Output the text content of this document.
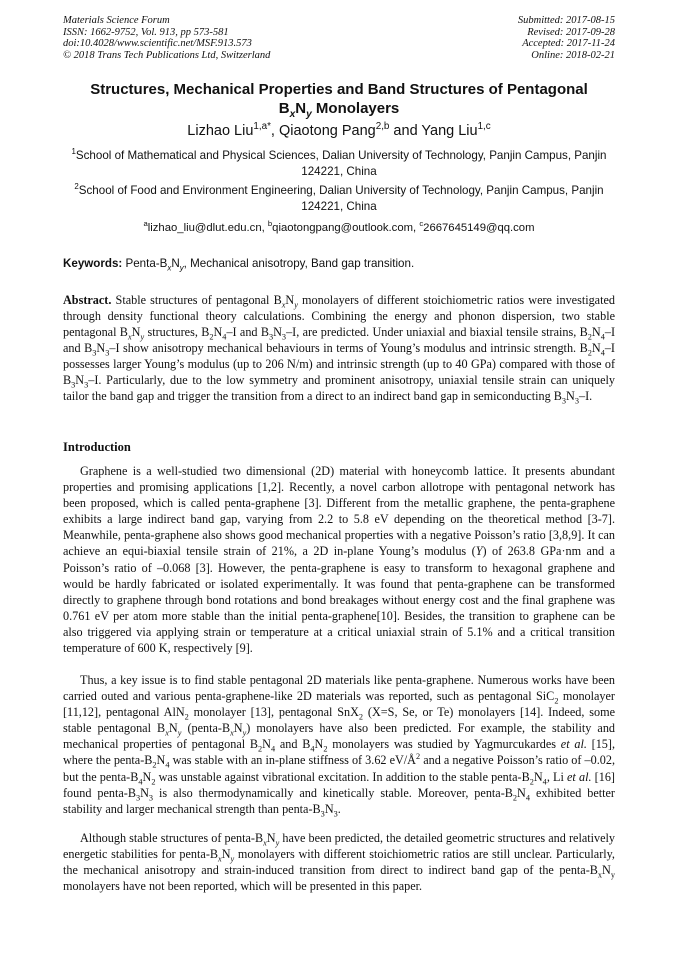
Materials Science Forum
ISSN: 1662-9752, Vol. 913, pp 573-581
doi:10.4028/www.scientific.net/MSF.913.573
© 2018 Trans Tech Publications Ltd, Switzerland
Submitted: 2017-08-15
Revised: 2017-09-28
Accepted: 2017-11-24
Online: 2018-02-21
Structures, Mechanical Properties and Band Structures of Pentagonal
$B_xN_y$ Monolayers
Lizhao Liu$^{1,a*}$, Qiaotong Pang$^{2,b}$ and Yang Liu$^{1,c}$
$^1$School of Mathematical and Physical Sciences, Dalian University of Technology, Panjin Campus, Panjin 124221, China
$^2$School of Food and Environment Engineering, Dalian University of Technology, Panjin Campus, Panjin 124221, China
$^a$lizhao_liu@dlut.edu.cn, $^b$qiaotongpang@outlook.com, $^c$2667645149@qq.com
Keywords: Penta-$B_xN_y$, Mechanical anisotropy, Band gap transition.

Abstract. Stable structures of pentagonal $B_xN_y$ monolayers of different stoichiometric ratios were investigated through density functional theory calculations. Combining the energy and phonon dispersion, two stable pentagonal $B_xN_y$ structures, $B_2N_4-I$ and $B_3N_3-I$, are predicted. Under uniaxial and biaxial tensile strains, $B_2N_4-I$ and $B_3N_3-I$ show anisotropy mechanical behaviours in terms of Young’s modulus and intrinsic strength. $B_2N_4-I$ possesses larger Young’s modulus (up to 206 N/m) and intrinsic strength (up to 40 GPa) compared with those of $B_3N_3-I$. Particularly, due to the low symmetry and prominent anisotropy, uniaxial tensile strain can uniquely tailor the band gap and trigger the transition from a direct to an indirect band gap in semiconducting $B_3N_3-I$.

Introduction

Graphene is a well-studied two dimensional (2D) material with honeycomb lattice. It presents abundant properties and promising applications [1,2]. Recently, a novel carbon allotrope with pentagonal network has been proposed, which is called penta-graphene [3]. Different from the metallic graphene, the penta-graphene exhibits a large indirect band gap, varying from 2.2 to 5.8 eV depending on the theoretical method [3-7]. Meanwhile, penta-graphene also shows good mechanical properties with a negative Poisson’s ratio [3,8,9]. It can achieve an equi-biaxial tensile strain of 21%, a 2D in-plane Young’s modulus (Y) of 263.8 GPa·nm and a Poisson’s ratio of –0.068 [3]. However, the penta-graphene is easy to transform to hexagonal graphene and would be hardly fabricated or isolated experimentally. It was found that penta-graphene can be transformed directly to graphene through bond rotations and bond breakages without energy cost and the final graphene was 0.761 eV per atom more stable than the initial penta-graphene[10]. Besides, the transition to graphene can be also triggered via applying strain or temperature at a critical uniaxial strain of 5.1% and a critical transition temperature of 600 K, respectively [9].

Thus, a key issue is to find stable pentagonal 2D materials like penta-graphene. Numerous works have been carried outed and various penta-graphene-like 2D materials was reported, such as pentagonal SiC$_2$ monolayer [11,12], pentagonal AlN$_2$ monolayer [13], pentagonal SnX$_2$ (X=S, Se, or Te) monolayers [14]. Indeed, some stable pentagonal $B_xN_y$ $(penta-B_xN_y)$ monolayers have also been predicted. For example, the stability and mechanical properties of pentagonal $B_2N_4$ and $B_4N_2$ monolayers was studied by Yagmurcukardes et al. [15], where the penta-$B_2N_4$ was stable with an in-plane stiffness of 3.62 $eV/Å^2$ and a negative Poisson’s ratio of –0.02, but the penta-$B_4N_2$ was unstable against vibrational excitation. In addition to the stable penta-$B_2N_4$, Li et al. [16] found penta-$B_3N_3$ is also thermodynamically and kinetically stable. Moreover, penta-$B_2N_4$ exhibited better stability and larger mechanical strength than penta-$B_3N_3$.

Although stable structures of penta-$B_xN_y$ have been predicted, the detailed geometric structures and relatively energetic stabilities for penta-$B_xN_y$ monolayers with different stoichiometric ratios are still unclear. Particularly, the mechanical anisotropy and strain-induced transition from direct to indirect band gap of the penta-$B_xN_y$ monolayers have not been reported, which will be presented in this paper.
